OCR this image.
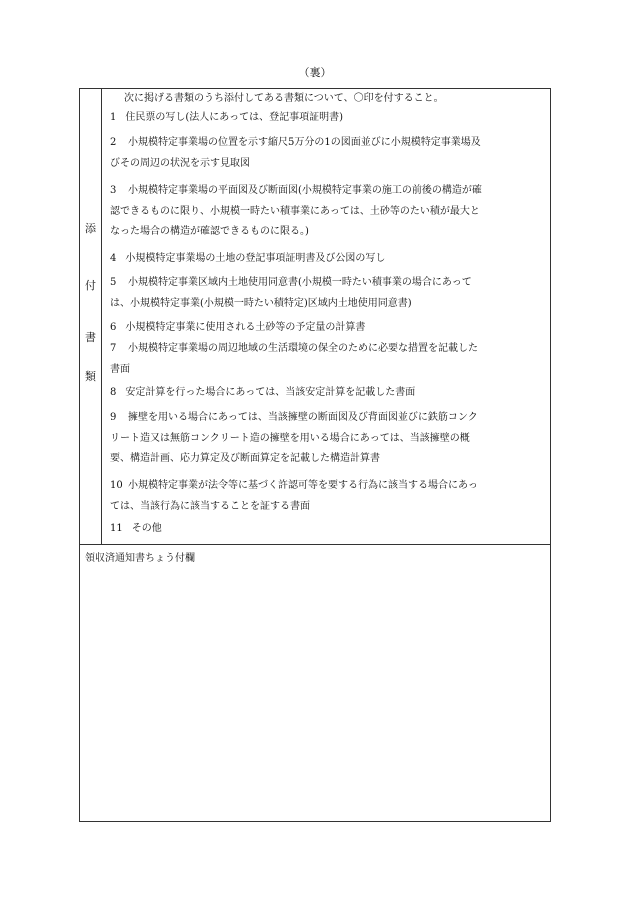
（裏）
添
付
書
類
次に掲げる書類のうち添付してある書類について、〇印を付すること。
1 住民票の写し(法人にあっては、登記事項証明書)
2	小規模特定事業場の位置を示す縮尺5万分の1の図面並びに小規模特定事業場及
びその周辺の状況を示す見取図
3	小規模特定事業場の平面図及び断面図(小規模特定事業の施工の前後の構造が確
認できるものに限り、小規模一時たい積事業にあっては、土砂等のたい積が最大と
なった場合の構造が確認できるものに限る。)
4 小規模特定事業場の土地の登記事項証明書及び公図の写し
5	小規模特定事業区域内土地使用同意書(小規模一時たい積事業の場合にあって
は、小規模特定事業(小規模一時たい積特定)区域内土地使用同意書)
6 小規模特定事業に使用される土砂等の予定量の計算書
7	小規模特定事業場の周辺地域の生活環境の保全のために必要な措置を記載した
書面
8 安定計算を行った場合にあっては、当該安定計算を記載した書面
9	擁壁を用いる場合にあっては、当該擁壁の断面図及び背面図並びに鉄筋コンク
リート造又は無筋コンクリート造の擁壁を用いる場合にあっては、当該擁壁の概
要、構造計画、応力算定及び断面算定を記載した構造計算書
10 小規模特定事業が法令等に基づく許認可等を要する行為に該当する場合にあっ
ては、当該行為に該当することを証する書面
11 その他
領収済通知書ちょう付欄
